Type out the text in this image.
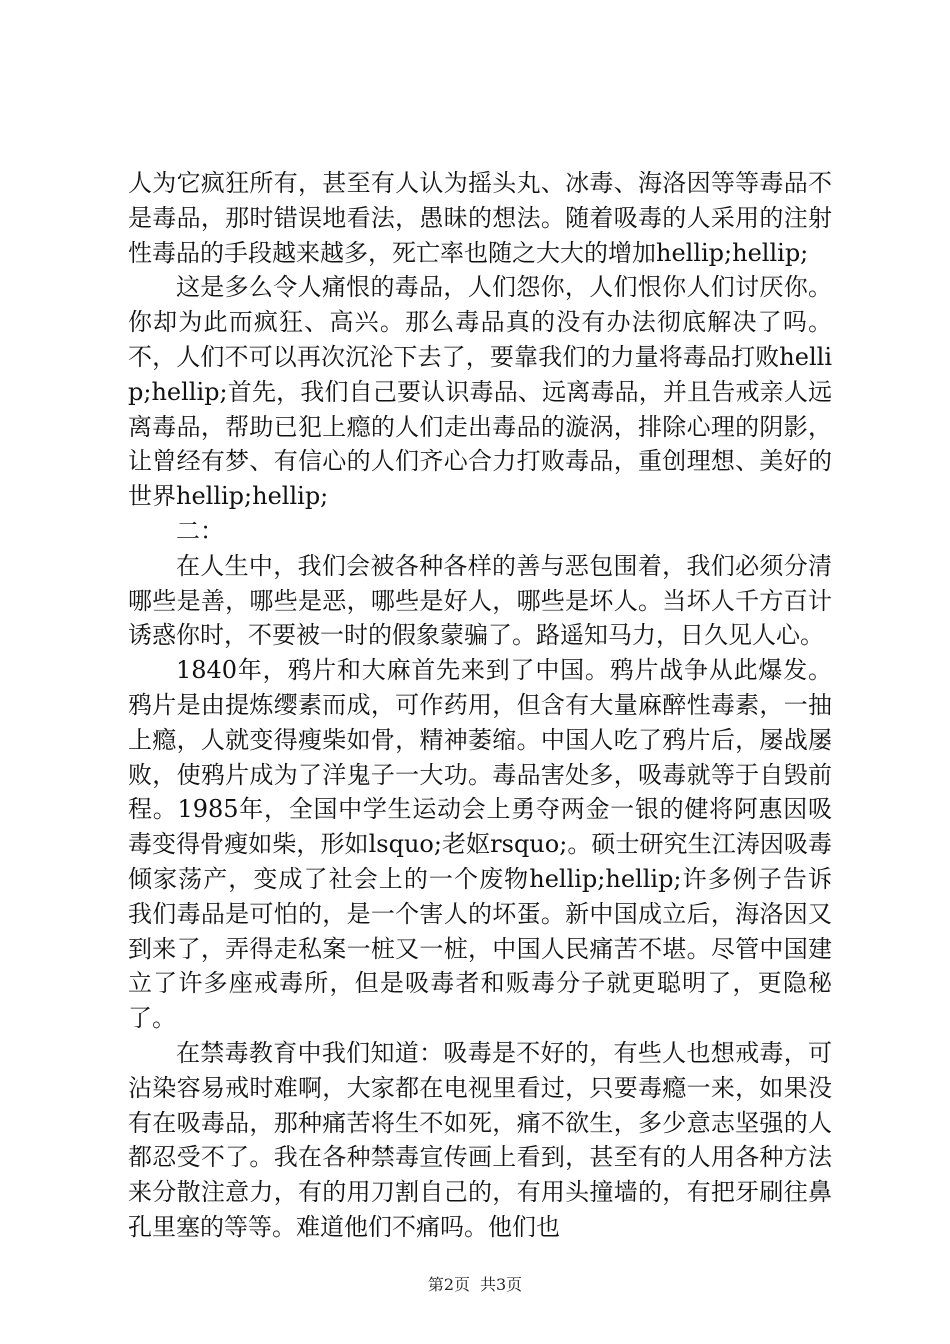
人为它疯狂所有，甚至有人认为摇头丸、冰毒、海洛因等等毒品不是毒品，那时错误地看法，愚昧的想法。随着吸毒的人采用的注射性毒品的手段越来越多，死亡率也随之大大的增加hellip;hellip;

这是多么令人痛恨的毒品，人们怨你，人们恨你人们讨厌你。你却为此而疯狂、高兴。那么毒品真的没有办法彻底解决了吗。不，人们不可以再次沉沦下去了，要靠我们的力量将毒品打败hellip;hellip;首先，我们自己要认识毒品、远离毒品，并且告戒亲人远离毒品，帮助已犯上瘾的人们走出毒品的漩涡，排除心理的阴影，让曾经有梦、有信心的人们齐心合力打败毒品，重创理想、美好的世界hellip;hellip;

二：

在人生中，我们会被各种各样的善与恶包围着，我们必须分清哪些是善，哪些是恶，哪些是好人，哪些是坏人。当坏人千方百计诱惑你时，不要被一时的假象蒙骗了。路遥知马力，日久见人心。

1840年，鸦片和大麻首先来到了中国。鸦片战争从此爆发。鸦片是由提炼缨素而成，可作药用，但含有大量麻醉性毒素，一抽上瘾，人就变得瘦柴如骨，精神萎缩。中国人吃了鸦片后，屡战屡败，使鸦片成为了洋鬼子一大功。毒品害处多，吸毒就等于自毁前程。1985年，全国中学生运动会上勇夺两金一银的健将阿惠因吸毒变得骨瘦如柴，形如lsquo;老妪rsquo;。硕士研究生江涛因吸毒倾家荡产，变成了社会上的一个废物hellip;hellip;许多例子告诉我们毒品是可怕的，是一个害人的坏蛋。新中国成立后，海洛因又到来了，弄得走私案一桩又一桩，中国人民痛苦不堪。尽管中国建立了许多座戒毒所，但是吸毒者和贩毒分子就更聪明了，更隐秘了。

在禁毒教育中我们知道：吸毒是不好的，有些人也想戒毒，可沾染容易戒时难啊，大家都在电视里看过，只要毒瘾一来，如果没有在吸毒品，那种痛苦将生不如死，痛不欲生，多少意志坚强的人都忍受不了。我在各种禁毒宣传画上看到，甚至有的人用各种方法来分散注意力，有的用刀割自己的，有用头撞墙的，有把牙刷往鼻孔里塞的等等。难道他们不痛吗。他们也

第2页 共3页
